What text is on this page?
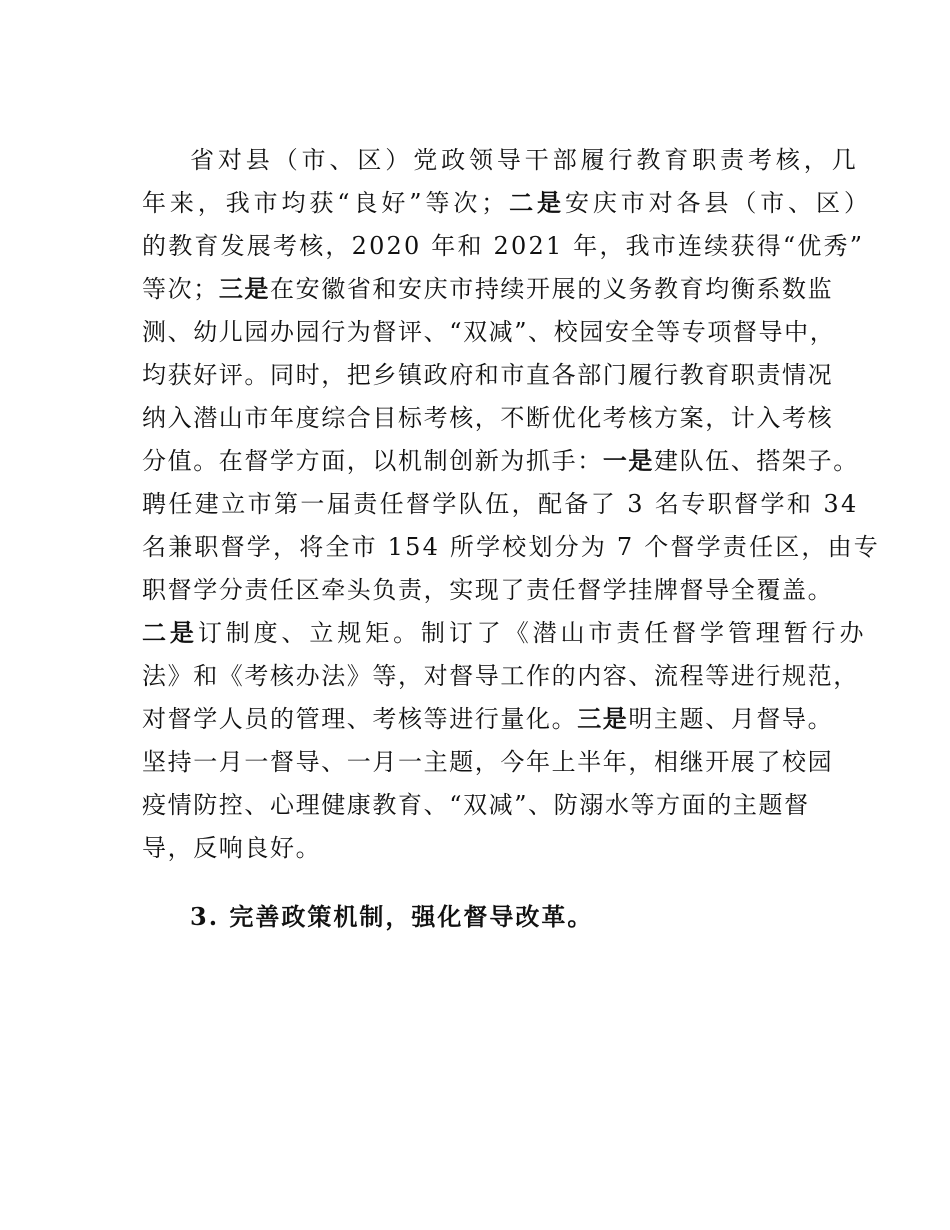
省对县（市、区）党政领导干部履行教育职责考核，几
年来，我市均获“良好”等次；二是安庆市对各县（市、区）
的教育发展考核，2020 年和 2021 年，我市连续获得“优秀”
等次；三是在安徽省和安庆市持续开展的义务教育均衡系数监
测、幼儿园办园行为督评、“双减”、校园安全等专项督导中，
均获好评。同时，把乡镇政府和市直各部门履行教育职责情况
纳入潜山市年度综合目标考核，不断优化考核方案，计入考核
分值。在督学方面，以机制创新为抓手：一是建队伍、搭架子。
聘任建立市第一届责任督学队伍，配备了 3 名专职督学和 34
名兼职督学，将全市 154 所学校划分为 7 个督学责任区，由专
职督学分责任区牵头负责，实现了责任督学挂牌督导全覆盖。
二是订制度、立规矩。制订了《潜山市责任督学管理暂行办
法》和《考核办法》等，对督导工作的内容、流程等进行规范，
对督学人员的管理、考核等进行量化。三是明主题、月督导。
坚持一月一督导、一月一主题，今年上半年，相继开展了校园
疫情防控、心理健康教育、“双减”、防溺水等方面的主题督
导，反响良好。
3. 完善政策机制，强化督导改革。
